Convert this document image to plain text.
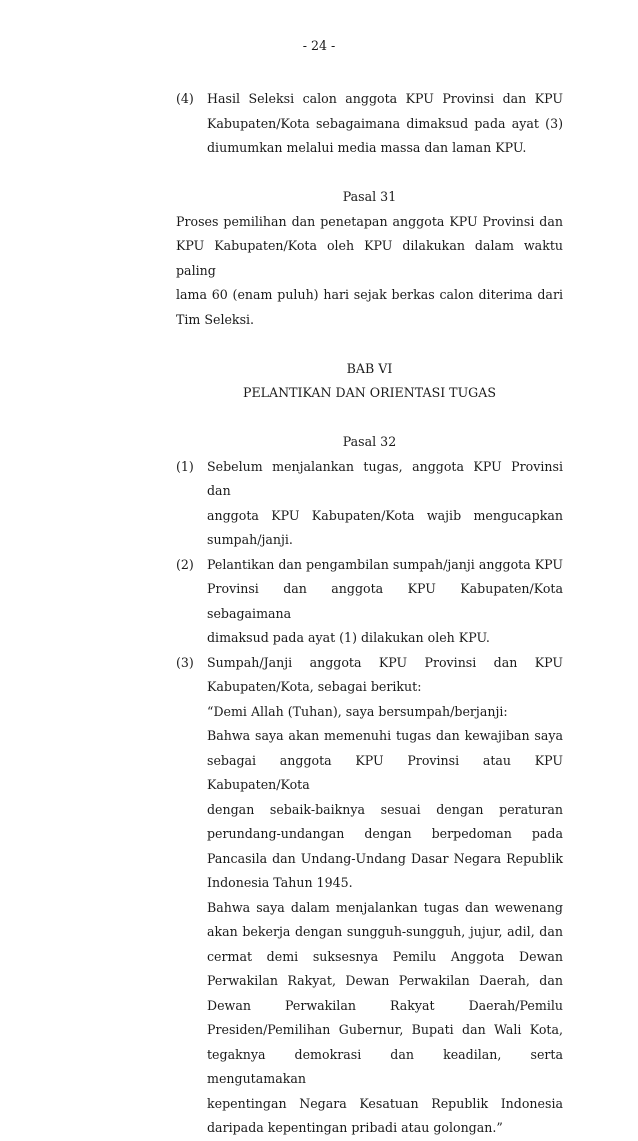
- 24 -
(4)	Hasil Seleksi calon anggota KPU Provinsi dan KPU
Kabupaten/Kota sebagaimana dimaksud pada ayat (3)
diumumkan melalui media massa dan laman KPU.
Pasal 31
Proses pemilihan dan penetapan anggota KPU Provinsi dan
KPU Kabupaten/Kota oleh KPU dilakukan dalam waktu paling
lama 60 (enam puluh) hari sejak berkas calon diterima dari
Tim Seleksi.
BAB VI
PELANTIKAN DAN ORIENTASI TUGAS
Pasal 32
(1)	Sebelum menjalankan tugas, anggota KPU Provinsi dan
anggota KPU Kabupaten/Kota wajib mengucapkan
sumpah/janji.
(2)	Pelantikan dan pengambilan sumpah/janji anggota KPU
Provinsi dan anggota KPU Kabupaten/Kota sebagaimana
dimaksud pada ayat (1) dilakukan oleh KPU.
(3)	Sumpah/Janji anggota KPU Provinsi dan KPU
Kabupaten/Kota, sebagai berikut:
“Demi Allah (Tuhan), saya bersumpah/berjanji:
Bahwa saya akan memenuhi tugas dan kewajiban saya
sebagai anggota KPU Provinsi atau KPU Kabupaten/Kota
dengan sebaik-baiknya sesuai dengan peraturan
perundang-undangan dengan berpedoman pada
Pancasila dan Undang-Undang Dasar Negara Republik
Indonesia Tahun 1945.
Bahwa saya dalam menjalankan tugas dan wewenang
akan bekerja dengan sungguh-sungguh, jujur, adil, dan
cermat demi suksesnya Pemilu Anggota Dewan
Perwakilan Rakyat, Dewan Perwakilan Daerah, dan
Dewan Perwakilan Rakyat Daerah/Pemilu
Presiden/Pemilihan Gubernur, Bupati dan Wali Kota,
tegaknya demokrasi dan keadilan, serta mengutamakan
kepentingan Negara Kesatuan Republik Indonesia
daripada kepentingan pribadi atau golongan.”
